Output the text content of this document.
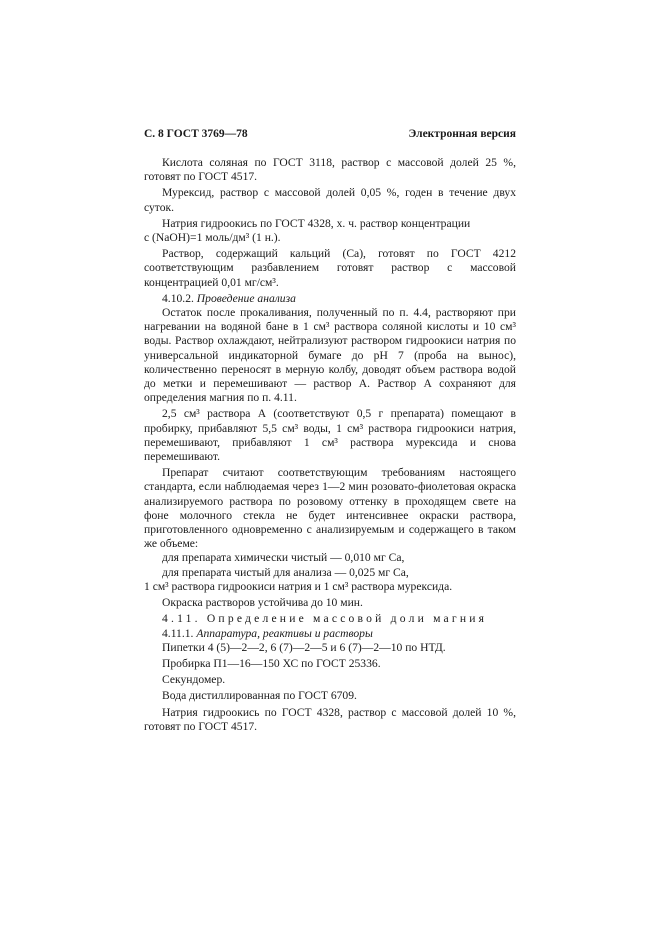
С. 8 ГОСТ 3769—78	Электронная версия

Кислота соляная по ГОСТ 3118, раствор с массовой долей 25 %, готовят по ГОСТ 4517.

Мурексид, раствор с массовой долей 0,05 %, годен в течение двух суток.

Натрия гидроокись по ГОСТ 4328, х. ч. раствор концентрации

c (NaOH)=1 моль/дм³ (1 н.).

Раствор, содержащий кальций (Са), готовят по ГОСТ 4212 соответствующим разбавлением готовят раствор с массовой концентрацией 0,01 мг/см³.

4.10.2. Проведение анализа

Остаток после прокаливания, полученный по п. 4.4, растворяют при нагревании на водяной бане в 1 см³ раствора соляной кислоты и 10 см³ воды. Раствор охлаждают, нейтрализуют раствором гидроокиси натрия по универсальной индикаторной бумаге до pH 7 (проба на вынос), количественно переносят в мерную колбу, доводят объем раствора водой до метки и перемешивают — раствор А. Раствор А сохраняют для определения магния по п. 4.11.

2,5 см³ раствора А (соответствуют 0,5 г препарата) помещают в пробирку, прибавляют 5,5 см³ воды, 1 см³ раствора гидроокиси натрия, перемешивают, прибавляют 1 см³ раствора мурексида и снова перемешивают.

Препарат считают соответствующим требованиям настоящего стандарта, если наблюдаемая через 1—2 мин розовато-фиолетовая окраска анализируемого раствора по розовому оттенку в проходящем свете на фоне молочного стекла не будет интенсивнее окраски раствора, приготовленного одновременно с анализируемым и содержащего в таком же объеме:

для препарата химически чистый — 0,010 мг Са,

для препарата чистый для анализа — 0,025 мг Са,

1 см³ раствора гидроокиси натрия и 1 см³ раствора мурексида.

Окраска растворов устойчива до 10 мин.

4.11. Определение массовой доли магния

4.11.1. Аппаратура, реактивы и растворы

Пипетки 4 (5)—2—2, 6 (7)—2—5 и 6 (7)—2—10 по НТД.

Пробирка П1—16—150 ХС по ГОСТ 25336.

Секундомер.

Вода дистиллированная по ГОСТ 6709.

Натрия гидроокись по ГОСТ 4328, раствор с массовой долей 10 %, готовят по ГОСТ 4517.
